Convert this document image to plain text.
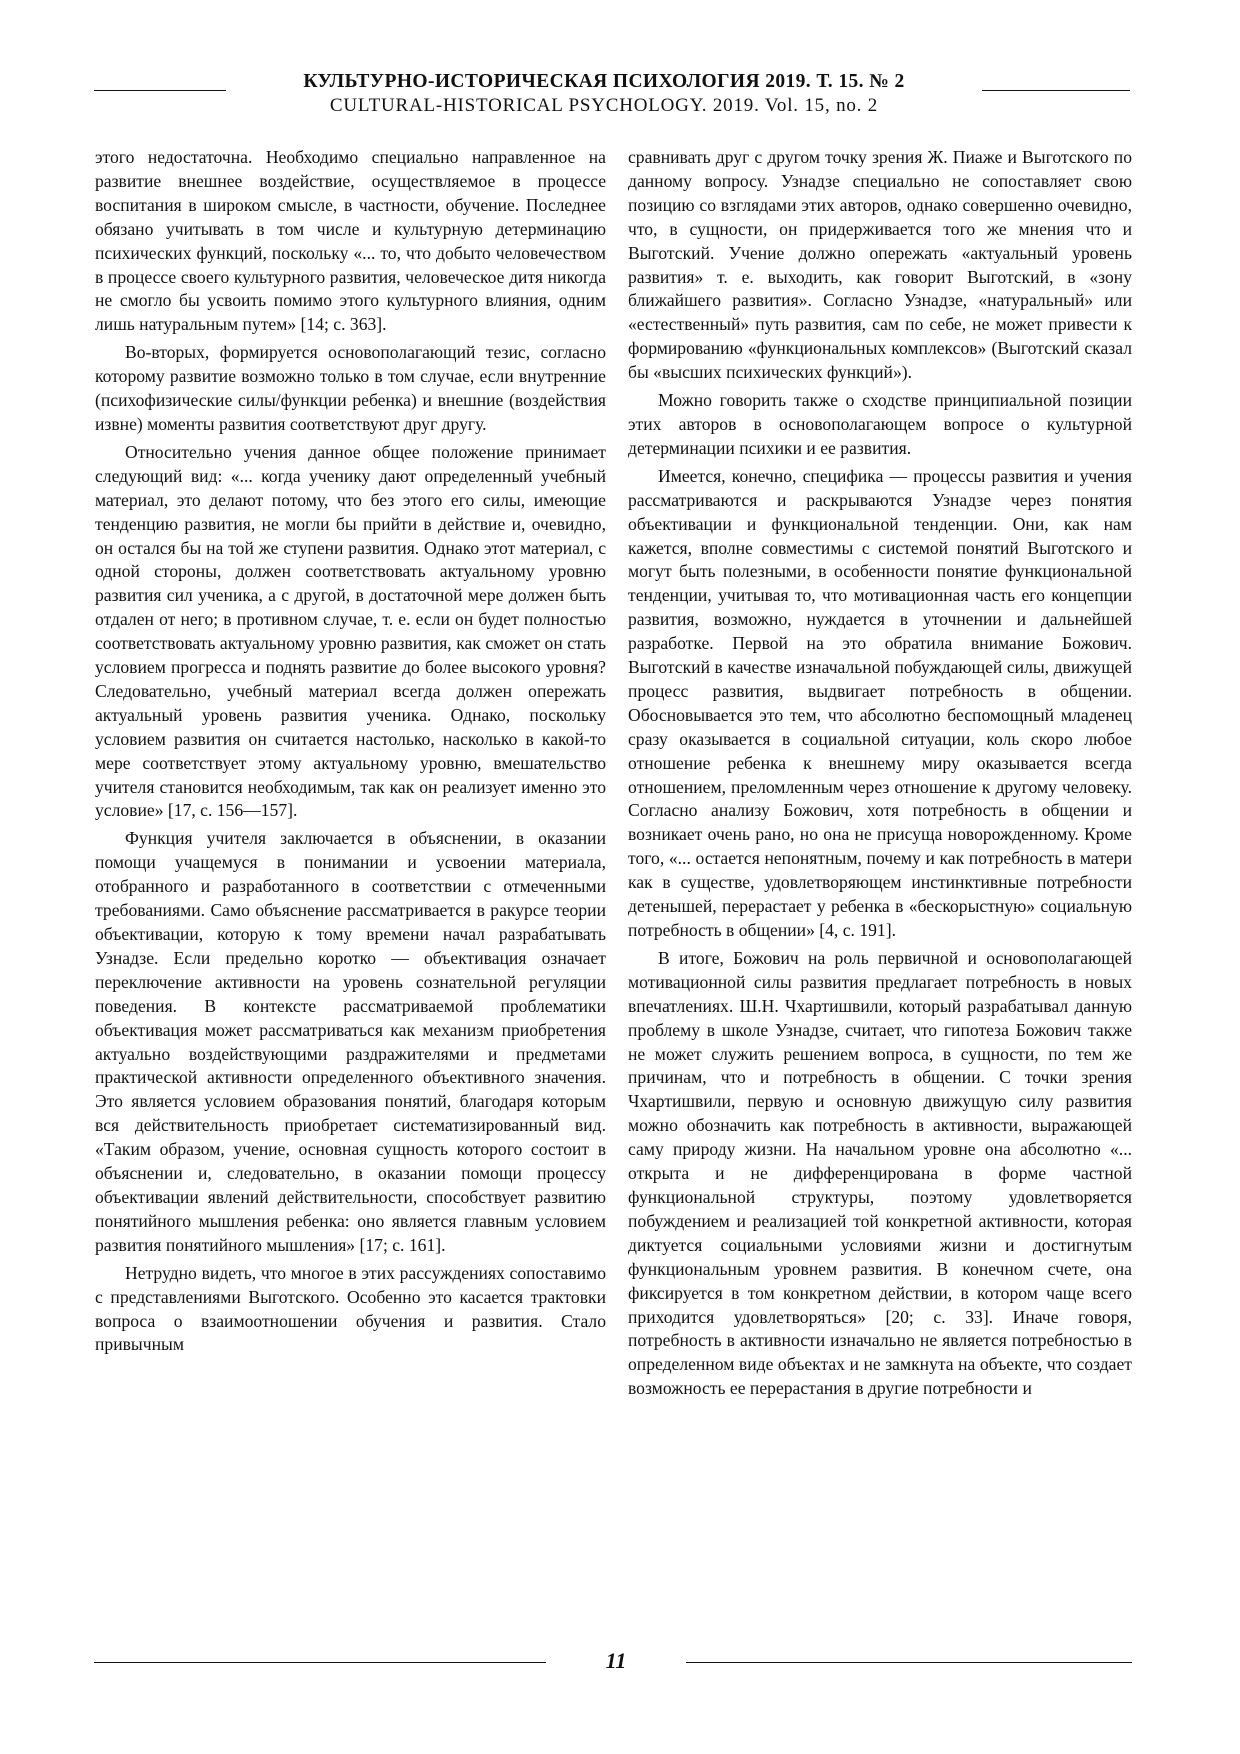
КУЛЬТУРНО-ИСТОРИЧЕСКАЯ ПСИХОЛОГИЯ 2019. Т. 15. № 2
CULTURAL-HISTORICAL PSYCHOLOGY. 2019. Vol. 15, no. 2

этого недостаточна. Необходимо специально направленное на развитие внешнее воздействие, осуществляемое в процессе воспитания в широком смысле, в частности, обучение. Последнее обязано учитывать в том числе и культурную детерминацию психических функций, поскольку «... то, что добыто человечеством в процессе своего культурного развития, человеческое дитя никогда не смогло бы усвоить помимо этого культурного влияния, одним лишь натуральным путем» [14; с. 363].

Во-вторых, формируется основополагающий тезис, согласно которому развитие возможно только в том случае, если внутренние (психофизические силы/функции ребенка) и внешние (воздействия извне) моменты развития соответствуют друг другу.

Относительно учения данное общее положение принимает следующий вид: «... когда ученику дают определенный учебный материал, это делают потому, что без этого его силы, имеющие тенденцию развития, не могли бы прийти в действие и, очевидно, он остался бы на той же ступени развития. Однако этот материал, с одной стороны, должен соответствовать актуальному уровню развития сил ученика, а с другой, в достаточной мере должен быть отдален от него; в противном случае, т. е. если он будет полностью соответствовать актуальному уровню развития, как сможет он стать условием прогресса и поднять развитие до более высокого уровня? Следовательно, учебный материал всегда должен опережать актуальный уровень развития ученика. Однако, поскольку условием развития он считается настолько, насколько в какой-то мере соответствует этому актуальному уровню, вмешательство учителя становится необходимым, так как он реализует именно это условие» [17, с. 156—157].

Функция учителя заключается в объяснении, в оказании помощи учащемуся в понимании и усвоении материала, отобранного и разработанного в соответствии с отмеченными требованиями. Само объяснение рассматривается в ракурсе теории объективации, которую к тому времени начал разрабатывать Узнадзе. Если предельно коротко — объективация означает переключение активности на уровень сознательной регуляции поведения. В контексте рассматриваемой проблематики объективация может рассматриваться как механизм приобретения актуально воздействующими раздражителями и предметами практической активности определенного объективного значения. Это является условием образования понятий, благодаря которым вся действительность приобретает систематизированный вид. «Таким образом, учение, основная сущность которого состоит в объяснении и, следовательно, в оказании помощи процессу объективации явлений действительности, способствует развитию понятийного мышления ребенка: оно является главным условием развития понятийного мышления» [17; с. 161].

Нетрудно видеть, что многое в этих рассуждениях сопоставимо с представлениями Выготского. Особенно это касается трактовки вопроса о взаимоотношении обучения и развития. Стало привычным

сравнивать друг с другом точку зрения Ж. Пиаже и Выготского по данному вопросу. Узнадзе специально не сопоставляет свою позицию со взглядами этих авторов, однако совершенно очевидно, что, в сущности, он придерживается того же мнения что и Выготский. Учение должно опережать «актуальный уровень развития» т. е. выходить, как говорит Выготский, в «зону ближайшего развития». Согласно Узнадзе, «натуральный» или «естественный» путь развития, сам по себе, не может привести к формированию «функциональных комплексов» (Выготский сказал бы «высших психических функций»).

Можно говорить также о сходстве принципиальной позиции этих авторов в основополагающем вопросе о культурной детерминации психики и ее развития.

Имеется, конечно, специфика — процессы развития и учения рассматриваются и раскрываются Узнадзе через понятия объективации и функциональной тенденции. Они, как нам кажется, вполне совместимы с системой понятий Выготского и могут быть полезными, в особенности понятие функциональной тенденции, учитывая то, что мотивационная часть его концепции развития, возможно, нуждается в уточнении и дальнейшей разработке. Первой на это обратила внимание Божович. Выготский в качестве изначальной побуждающей силы, движущей процесс развития, выдвигает потребность в общении. Обосновывается это тем, что абсолютно беспомощный младенец сразу оказывается в социальной ситуации, коль скоро любое отношение ребенка к внешнему миру оказывается всегда отношением, преломленным через отношение к другому человеку. Согласно анализу Божович, хотя потребность в общении и возникает очень рано, но она не присуща новорожденному. Кроме того, «... остается непонятным, почему и как потребность в матери как в существе, удовлетворяющем инстинктивные потребности детенышей, перерастает у ребенка в «бескорыстную» социальную потребность в общении» [4, с. 191].

В итоге, Божович на роль первичной и основополагающей мотивационной силы развития предлагает потребность в новых впечатлениях. Ш.Н. Чхартишвили, который разрабатывал данную проблему в школе Узнадзе, считает, что гипотеза Божович также не может служить решением вопроса, в сущности, по тем же причинам, что и потребность в общении. С точки зрения Чхартишвили, первую и основную движущую силу развития можно обозначить как потребность в активности, выражающей саму природу жизни. На начальном уровне она абсолютно «... открыта и не дифференцирована в форме частной функциональной структуры, поэтому удовлетворяется побуждением и реализацией той конкретной активности, которая диктуется социальными условиями жизни и достигнутым функциональным уровнем развития. В конечном счете, она фиксируется в том конкретном действии, в котором чаще всего приходится удовлетворяться» [20; с. 33]. Иначе говоря, потребность в активности изначально не является потребностью в определенном виде объектах и не замкнута на объекте, что создает возможность ее перерастания в другие потребности и

11
